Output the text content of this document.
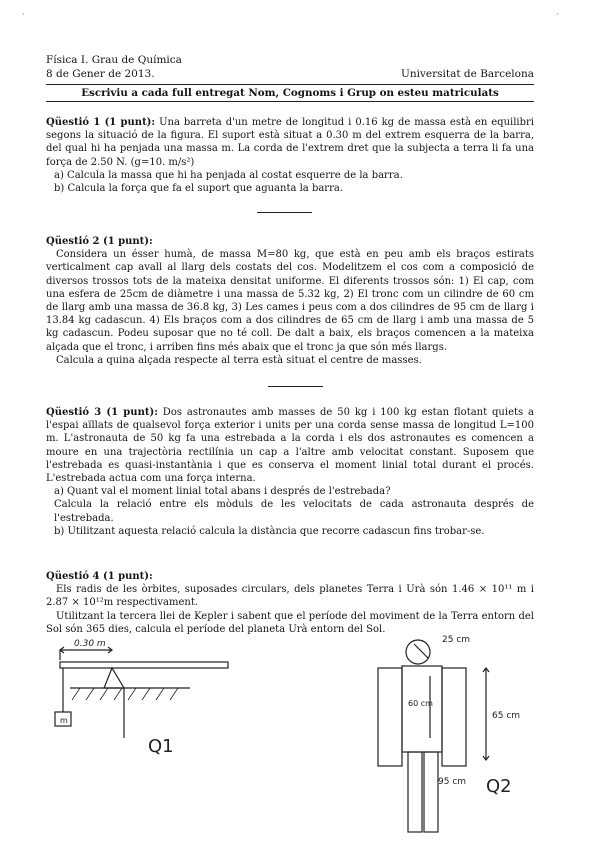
·	·
Física I. Grau de Química
8 de Gener de 2013.	Universitat de Barcelona
Escriviu a cada full entregat Nom, Cognoms i Grup on esteu matriculats

Qüestió 1 (1 punt): Una barreta d'un metre de longitud i 0.16 kg de massa està en equilibri segons la situació de la figura. El suport està situat a 0.30 m del extrem esquerra de la barra, del qual hi ha penjada una massa m. La corda de l'extrem dret que la subjecta a terra li fa una força de 2.50 N. (g=10. m/s²)

a) Calcula la massa que hi ha penjada al costat esquerre de la barra.

b) Calcula la força que fa el suport que aguanta la barra.

Qüestió 2 (1 punt):

Considera un ésser humà, de massa M=80 kg, que està en peu amb els braços estirats verticalment cap avall al llarg dels costats del cos. Modelitzem el cos com a composició de diversos trossos tots de la mateixa densitat uniforme. El diferents trossos són: 1) El cap, com una esfera de 25cm de diàmetre i una massa de 5.32 kg, 2) El tronc com un cilindre de 60 cm de llarg amb una massa de 36.8 kg, 3) Les cames i peus com a dos cilindres de 95 cm de llarg i 13.84 kg cadascun. 4) Els braços com a dos cilindres de 65 cm de llarg i amb una massa de 5 kg cadascun. Podeu suposar que no té coll. De dalt a baix, els braços comencen a la mateixa alçada que el tronc, i arriben fins més abaix que el tronc ja que són més llargs.

Calcula a quina alçada respecte al terra està situat el centre de masses.

Qüestió 3 (1 punt): Dos astronautes amb masses de 50 kg i 100 kg estan flotant quiets a l'espai aïllats de qualsevol força exterior i units per una corda sense massa de longitud L=100 m. L'astronauta de 50 kg fa una estrebada a la corda i els dos astronautes es comencen a moure en una trajectòria rectilínia un cap a l'altre amb velocitat constant. Suposem que l'estrebada es quasi-instantània i que es conserva el moment linial total durant el procés. L'estrebada actua com una força interna.

a) Quant val el moment linial total abans i després de l'estrebada?

Calcula la relació entre els mòduls de les velocitats de cada astronauta després de l'estrebada.

b) Utilitzant aquesta relació calcula la distància que recorre cadascun fins trobar-se.

Qüestió 4 (1 punt):

Els radis de les òrbites, suposades circulars, dels planetes Terra i Urà són 1.46 × 10¹¹ m i 2.87 × 10¹²m respectivament.

Utilitzant la tercera llei de Kepler i sabent que el període del moviment de la Terra entorn del Sol són 365 dies, calcula el període del planeta Urà entorn del Sol.

0.30 m
m
Q1
25 cm
60 cm
65 cm
95 cm Q2
